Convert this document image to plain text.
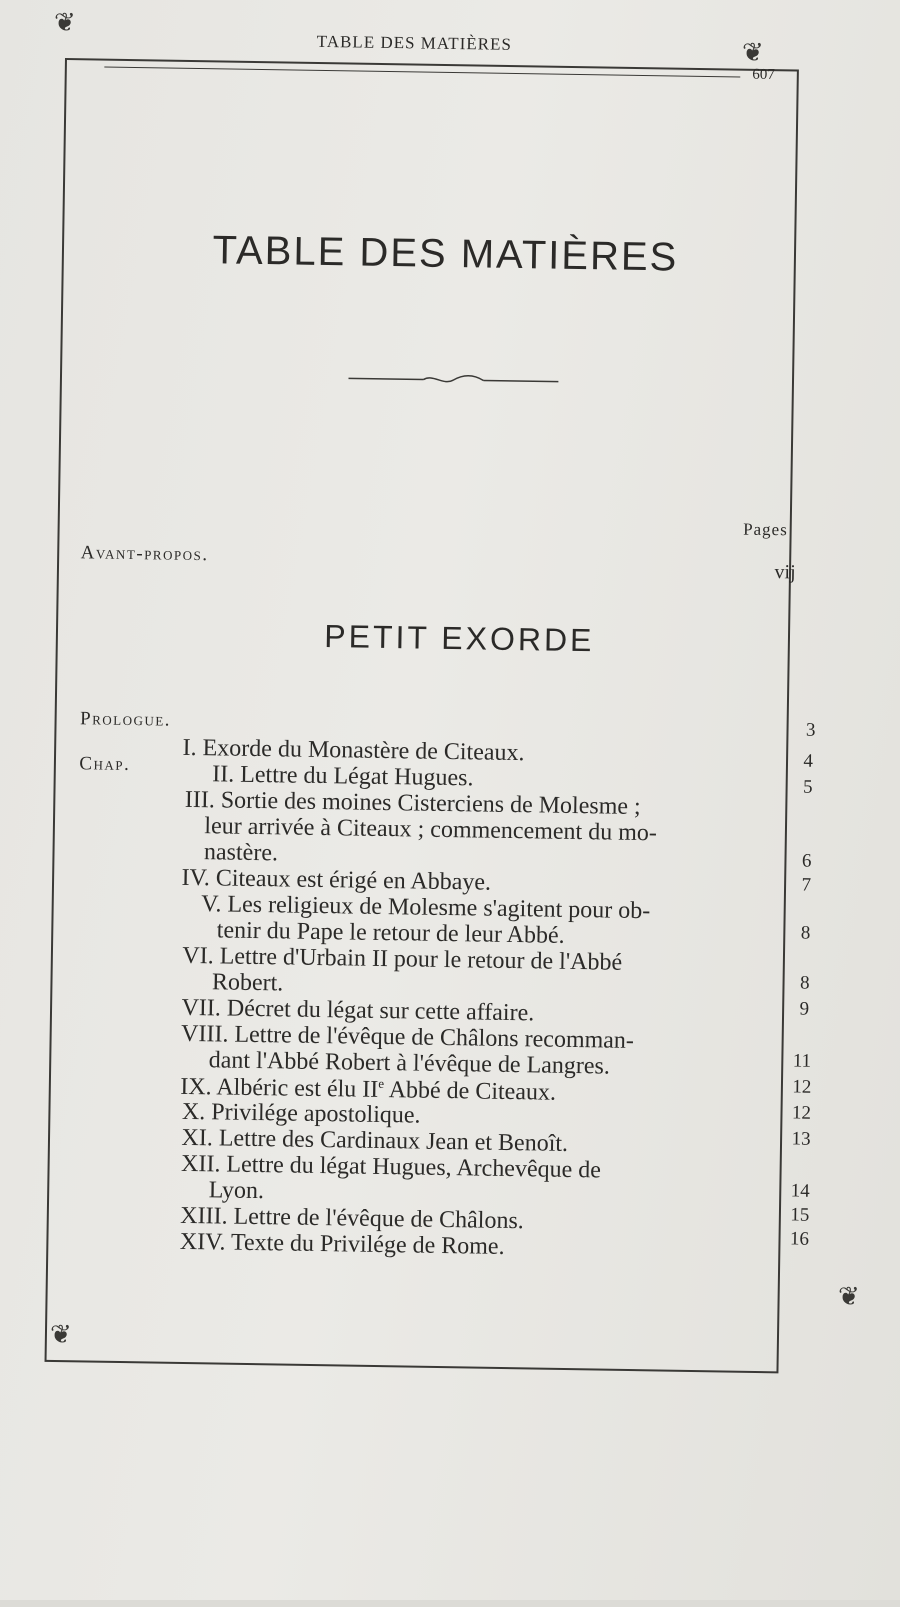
❦
❦
❦
❦
TABLE DES MATIÈRES
607
TABLE DES MATIÈRES
Pages
Avant-propos.
vij
PETIT EXORDE
Prologue.	3
Chap. I. Exorde du Monastère de Citeaux.	4
II. Lettre du Légat Hugues.	5
III. Sortie des moines Cisterciens de Molesme ;
leur arrivée à Citeaux ; commencement du mo-
nastère.	6
IV. Citeaux est érigé en Abbaye.	7
V. Les religieux de Molesme s'agitent pour ob-
tenir du Pape le retour de leur Abbé.	8
VI. Lettre d'Urbain II pour le retour de l'Abbé
Robert.	8
VII. Décret du légat sur cette affaire.	9
VIII. Lettre de l'évêque de Châlons recomman-
dant l'Abbé Robert à l'évêque de Langres.	11
IX. Albéric est élu IIe Abbé de Citeaux.	12
X. Privilége apostolique.	12
XI. Lettre des Cardinaux Jean et Benoît.	13
XII. Lettre du légat Hugues, Archevêque de
Lyon.	14
XIII. Lettre de l'évêque de Châlons.	15
XIV. Texte du Privilége de Rome.	16
